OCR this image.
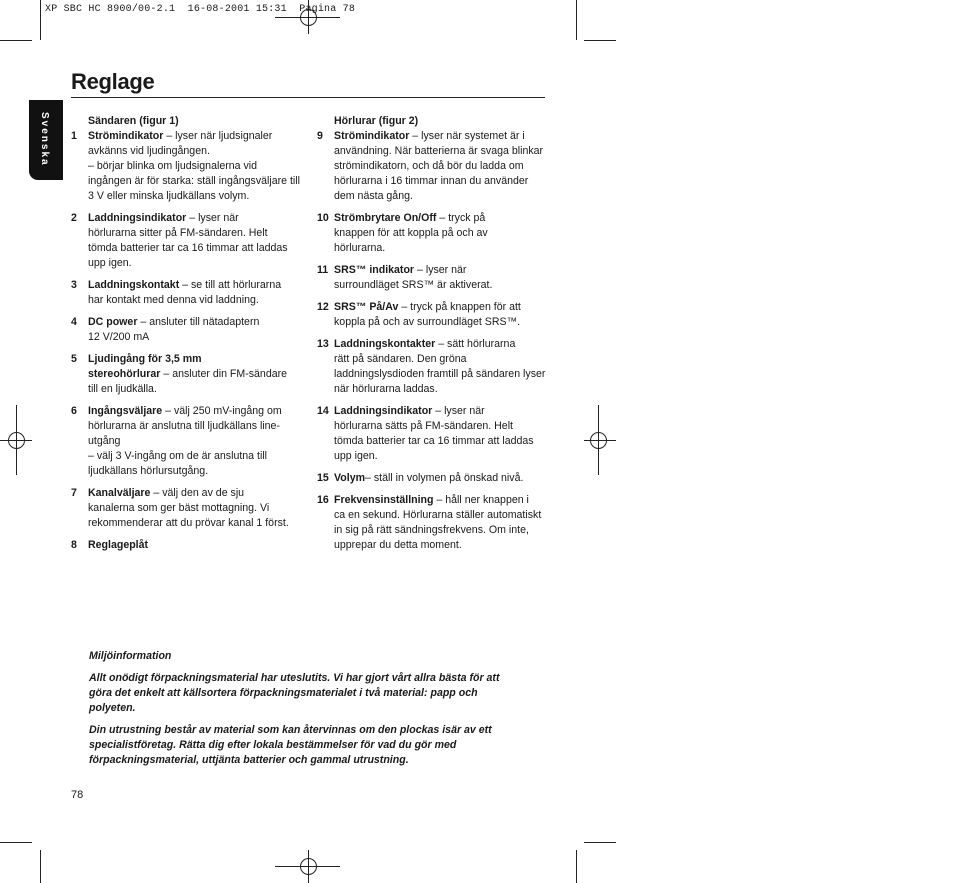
XP SBC HC 8900/00-2.1  16-08-2001 15:31  Pagina 78
Reglage
Svenska	Sändaren (figur 1)
1 Strömindikator – lyser när ljudsignaler
avkänns vid ljudingången.
– börjar blinka om ljudsignalerna vid
ingången är för starka: ställ ingångsväljare till
3 V eller minska ljudkällans volym.
2 Laddningsindikator – lyser när
hörlurarna sitter på FM-sändaren. Helt
tömda batterier tar ca 16 timmar att laddas
upp igen.
3 Laddningskontakt – se till att hörlurarna
har kontakt med denna vid laddning.
4 DC power – ansluter till nätadaptern
12 V/200 mA
5 Ljudingång för 3,5 mm
stereohörlurar – ansluter din FM-sändare
till en ljudkälla.
6 Ingångsväljare – välj 250 mV-ingång om
hörlurarna är anslutna till ljudkällans line-
utgång
– välj 3 V-ingång om de är anslutna till
ljudkällans hörlursutgång.
7 Kanalväljare – välj den av de sju
kanalerna som ger bäst mottagning. Vi
rekommenderar att du prövar kanal 1 först.
8 Reglageplåt
Hörlurar (figur 2)
9 Strömindikator – lyser när systemet är i
användning. När batterierna är svaga blinkar
strömindikatorn, och då bör du ladda om
hörlurarna i 16 timmar innan du använder
dem nästa gång.
10 Strömbrytare On/Off – tryck på
knappen för att koppla på och av
hörlurarna.
11 SRS™ indikator – lyser när
surroundläget SRS™ är aktiverat.
12 SRS™ På/Av – tryck på knappen för att
koppla på och av surroundläget SRS™.
13 Laddningskontakter – sätt hörlurarna
rätt på sändaren. Den gröna
laddningslysdioden framtill på sändaren lyser
när hörlurarna laddas.
14 Laddningsindikator – lyser när
hörlurarna sätts på FM-sändaren. Helt
tömda batterier tar ca 16 timmar att laddas
upp igen.
15 Volym– ställ in volymen på önskad nivå.
16 Frekvensinställning – håll ner knappen i
ca en sekund. Hörlurarna ställer automatiskt
in sig på rätt sändningsfrekvens. Om inte,
upprepar du detta moment.

Miljöinformation

Allt onödigt förpackningsmaterial har uteslutits. Vi har gjort vårt allra bästa för att
göra det enkelt att källsortera förpackningsmaterialet i två material: papp och
polyeten.

Din utrustning består av material som kan återvinnas om den plockas isär av ett
specialistföretag. Rätta dig efter lokala bestämmelser för vad du gör med
förpackningsmaterial, uttjänta batterier och gammal utrustning.

78
